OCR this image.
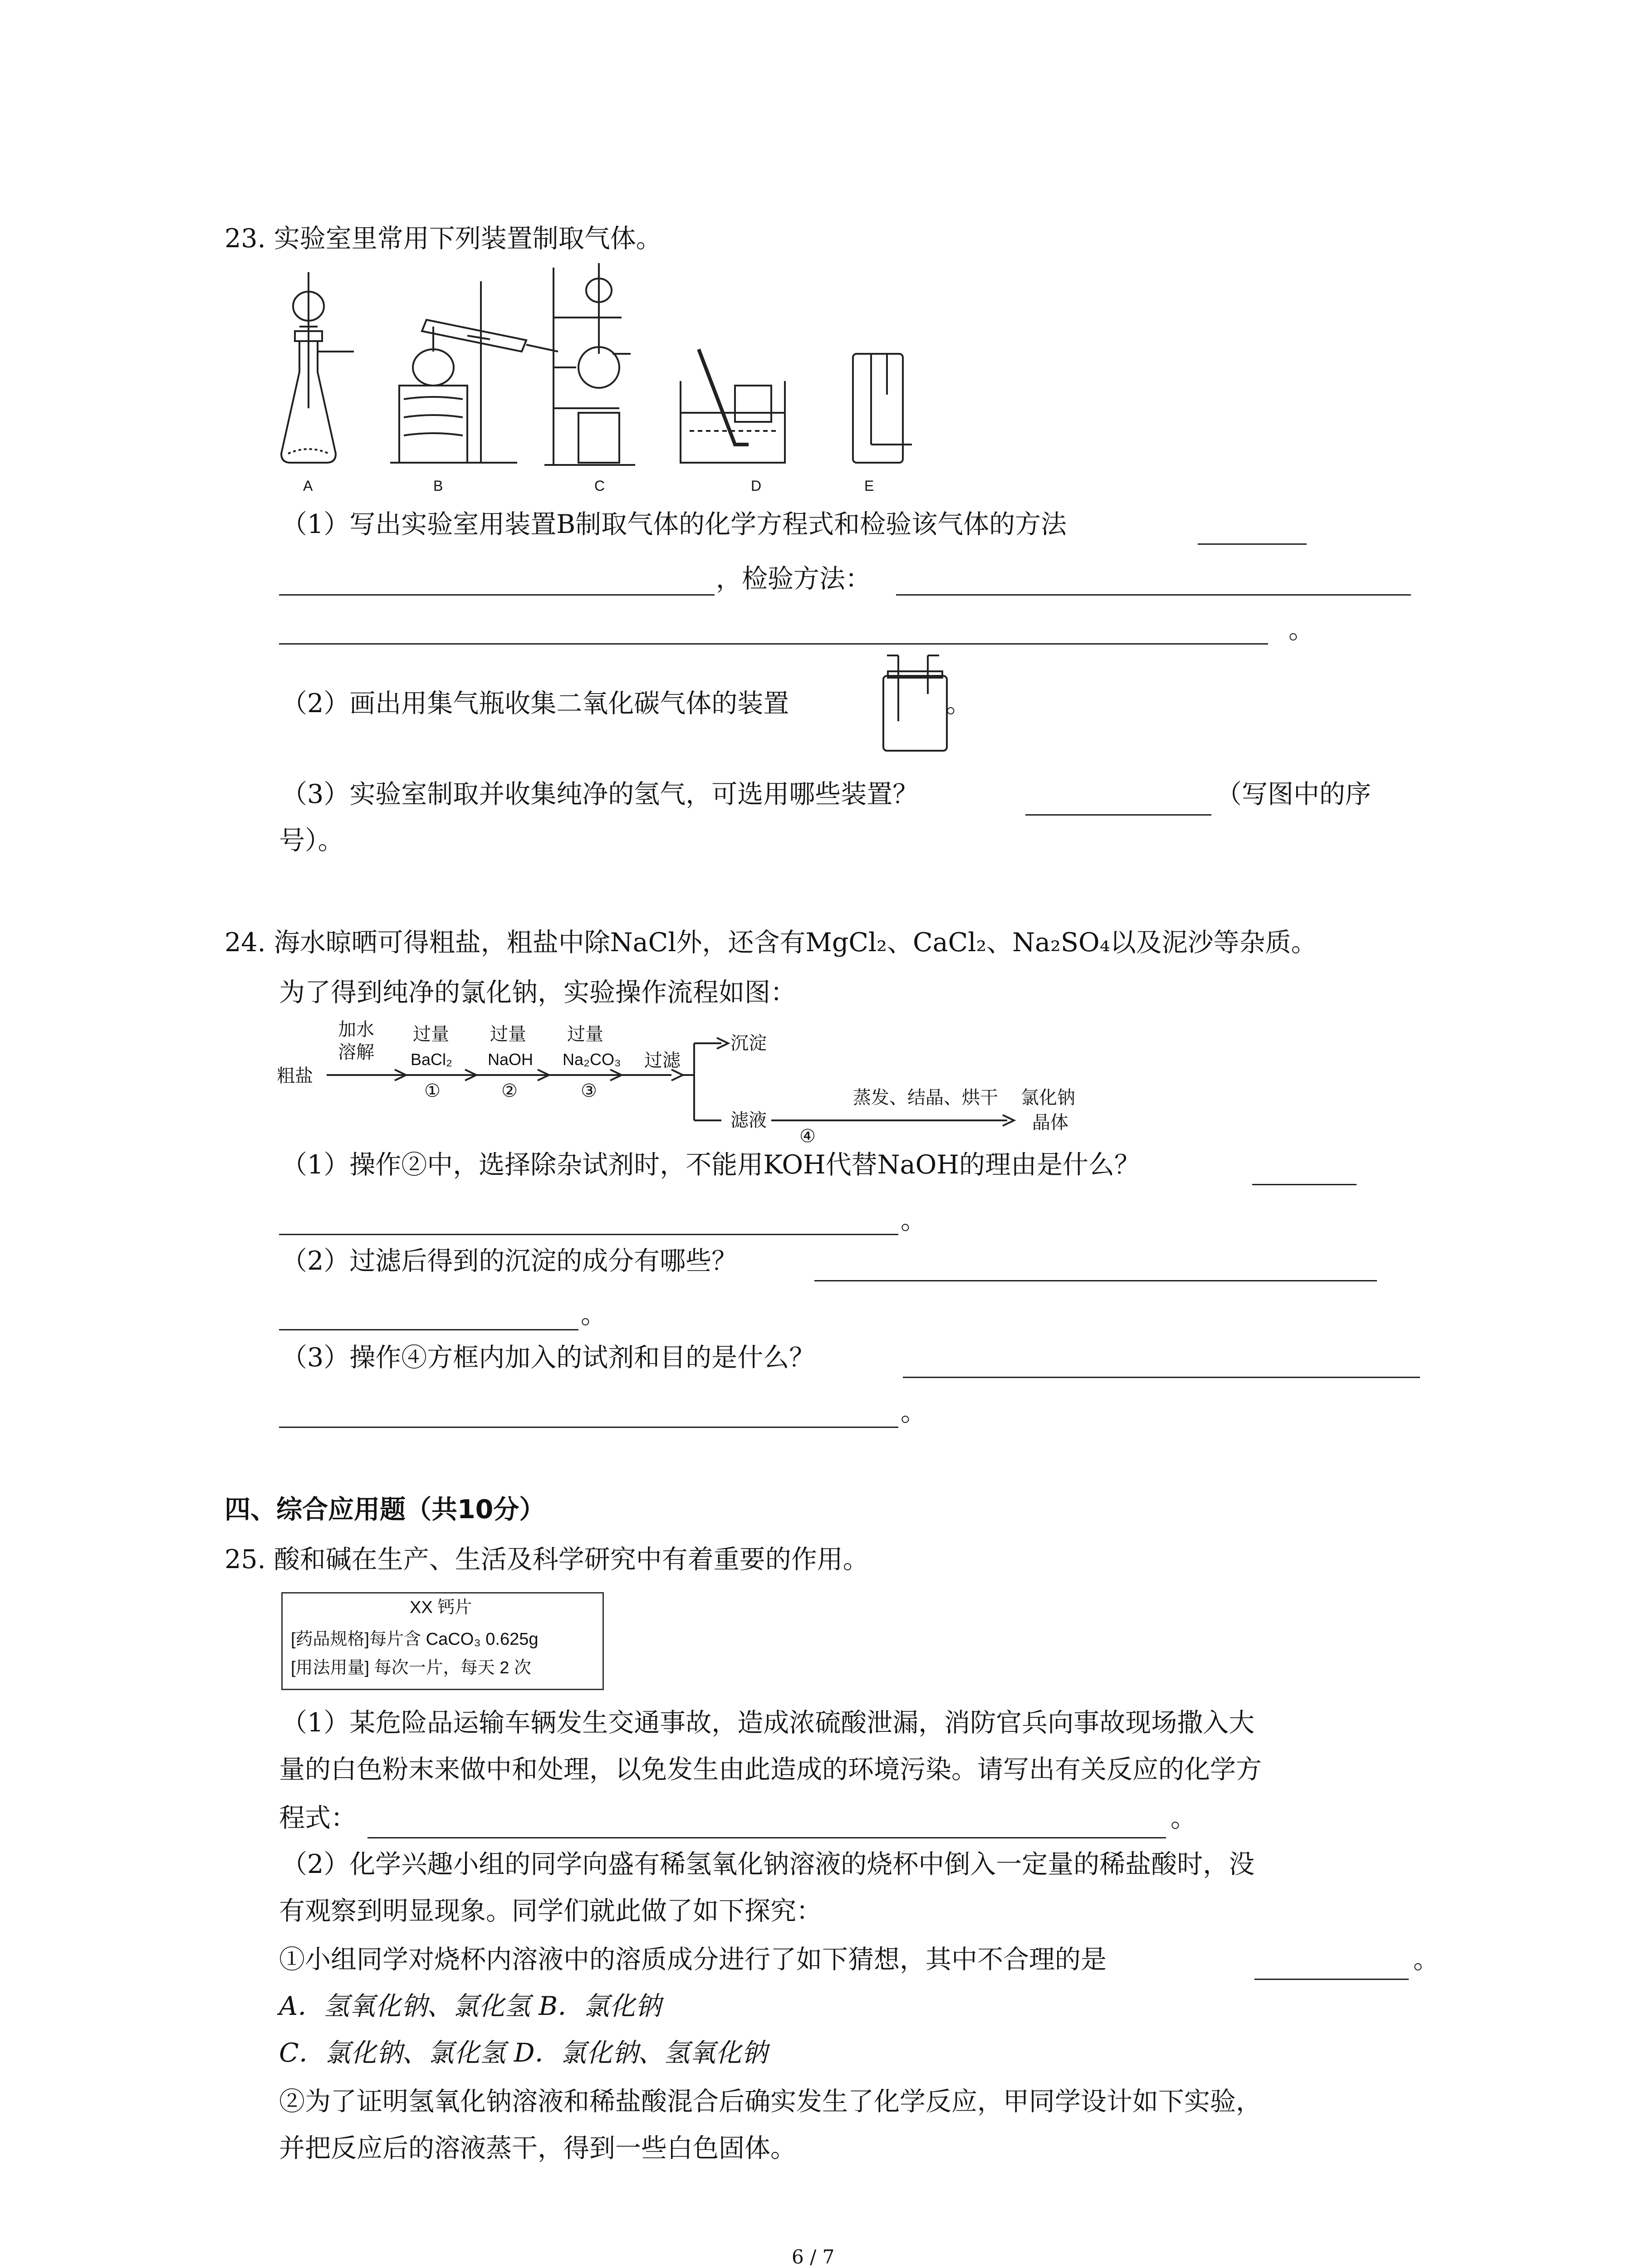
23. 实验室里常用下列装置制取气体。
A	B	C	D	E
（1）写出实验室用装置B制取气体的化学方程式和检验该气体的方法
，检验方法：
。
（2）画出用集气瓶收集二氧化碳气体的装置	。
（3）实验室制取并收集纯净的氢气，可选用哪些装置？	（写图中的序
号）。
24. 海水晾晒可得粗盐，粗盐中除NaCl外，还含有MgCl₂、CaCl₂、Na₂SO₄以及泥沙等杂质。
为了得到纯净的氯化钠，实验操作流程如图：
粗盐
加水
溶解
过量
BaCl₂
①
过量
NaOH
②
过量
Na₂CO₃
③
过滤
沉淀
滤液
④
蒸发、结晶、烘干 氯化钠
晶体
（1）操作②中，选择除杂试剂时，不能用KOH代替NaOH的理由是什么？
。
（2）过滤后得到的沉淀的成分有哪些？
。
（3）操作④方框内加入的试剂和目的是什么？
。
四、综合应用题（共10分）
25. 酸和碱在生产、生活及科学研究中有着重要的作用。
XX 钙片
[药品规格]每片含 CaCO₃ 0.625g
[用法用量] 每次一片，每天 2 次
（1）某危险品运输车辆发生交通事故，造成浓硫酸泄漏，消防官兵向事故现场撒入大
量的白色粉末来做中和处理，以免发生由此造成的环境污染。请写出有关反应的化学方
程式：	。
（2）化学兴趣小组的同学向盛有稀氢氧化钠溶液的烧杯中倒入一定量的稀盐酸时，没
有观察到明显现象。同学们就此做了如下探究：
①小组同学对烧杯内溶液中的溶质成分进行了如下猜想，其中不合理的是	。
A．氢氧化钠、氯化氢 B．氯化钠
C．氯化钠、氯化氢 D．氯化钠、氢氧化钠
②为了证明氢氧化钠溶液和稀盐酸混合后确实发生了化学反应，甲同学设计如下实验，
并把反应后的溶液蒸干，得到一些白色固体。
6 / 7
